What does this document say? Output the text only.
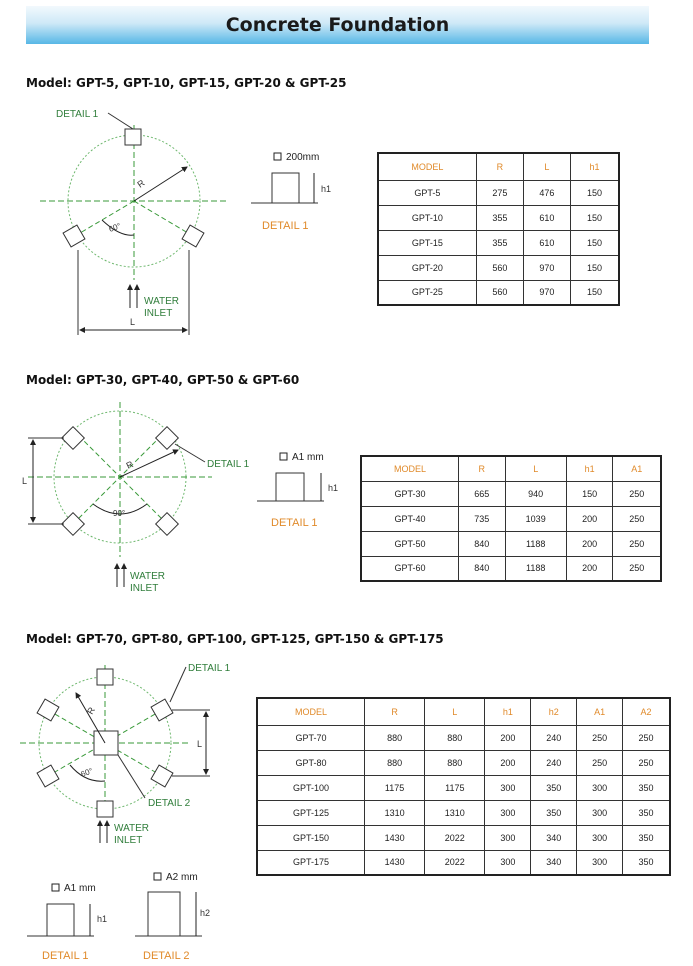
Concrete Foundation
Model: GPT-5, GPT-10, GPT-15, GPT-20 & GPT-25
R
60°
DETAIL 1
WATER
INLET
L
200mm
h1
DETAIL 1
MODEL	R	L	h1
GPT-5	275	476	150
GPT-10	355	610	150
GPT-15	355	610	150
GPT-20	560	970	150
GPT-25	560	970	150
Model: GPT-30, GPT-40, GPT-50 & GPT-60
R
90°
DETAIL 1
L
WATER
INLET
A1 mm
h1
DETAIL 1
MODEL	R	L	h1	A1
GPT-30	665	940	150	250
GPT-40	735	1039	200	250
GPT-50	840	1188	200	250
GPT-60	840	1188	200	250
Model: GPT-70, GPT-80, GPT-100, GPT-125, GPT-150 & GPT-175
R
60°
DETAIL 1
DETAIL 2
L
WATER
INLET
A1 mm
h1
DETAIL 1
A2 mm
h2
DETAIL 2
MODEL	R	L	h1	h2	A1	A2
GPT-70	880	880	200	240	250	250
GPT-80	880	880	200	240	250	250
GPT-100	1175	1175	300	350	300	350
GPT-125	1310	1310	300	350	300	350
GPT-150	1430	2022	300	340	300	350
GPT-175	1430	2022	300	340	300	350
